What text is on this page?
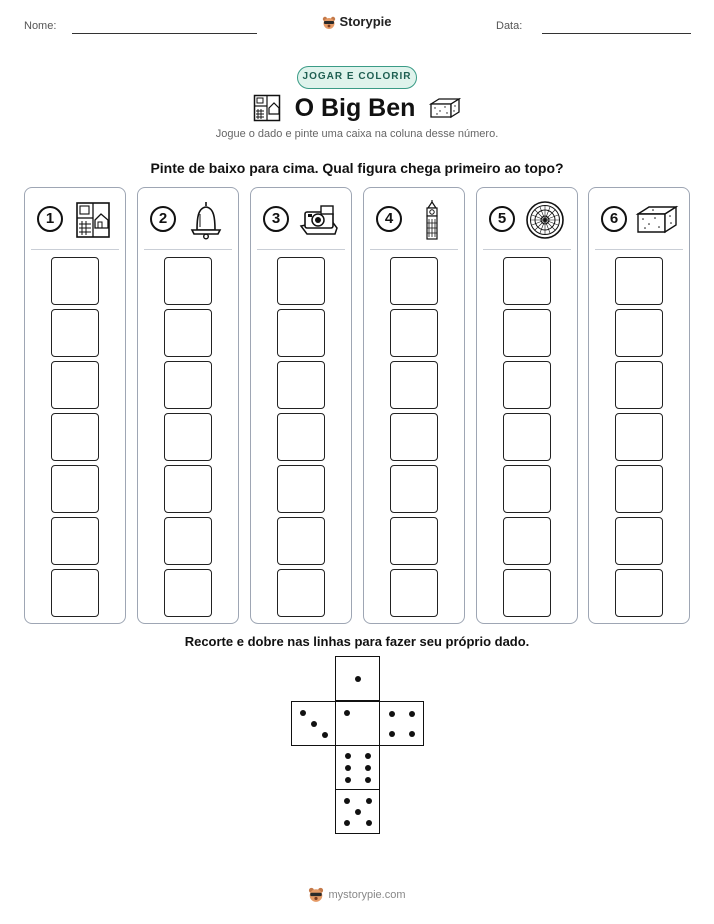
Nome:	Storypie	Data:
JOGAR E COLORIR
O Big Ben
Jogue o dado e pinte uma caixa na coluna desse número.
Pinte de baixo para cima. Qual figura chega primeiro ao topo?
1	2	3	4	5	6
Recorte e dobre nas linhas para fazer seu próprio dado.
mystorypie.com
